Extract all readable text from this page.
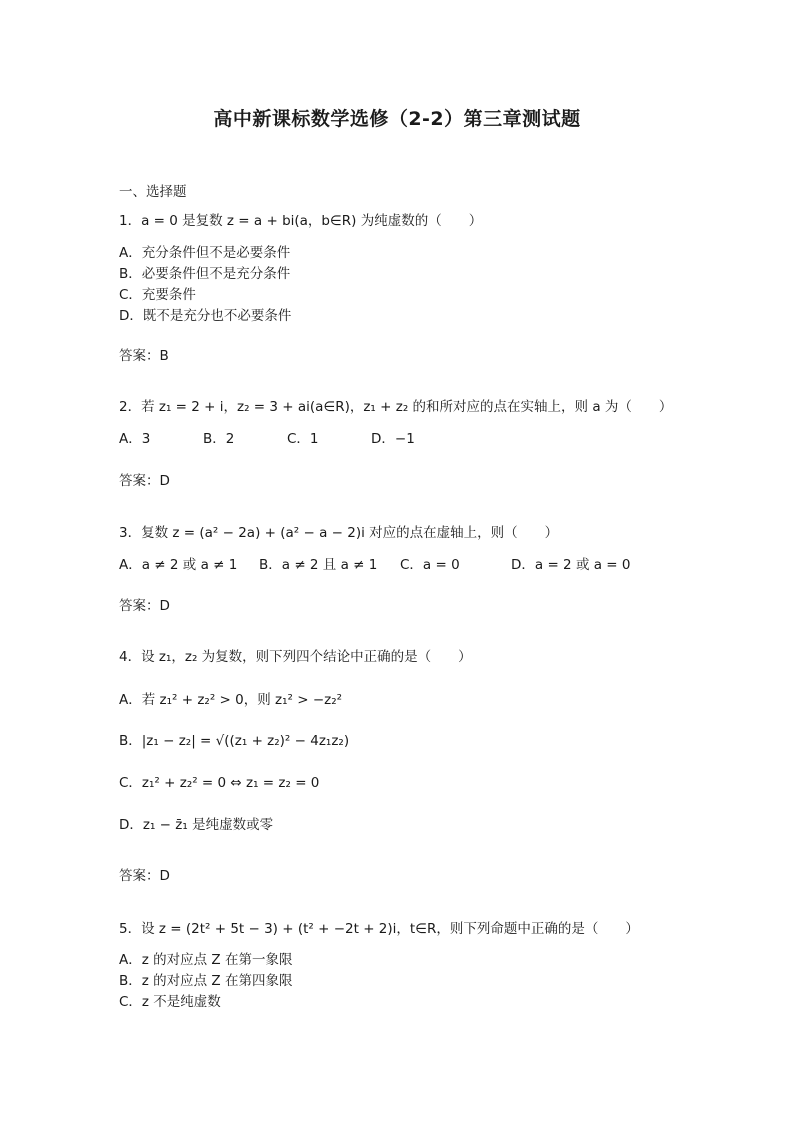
高中新课标数学选修（2-2）第三章测试题
一、选择题
1．a = 0 是复数 z = a + bi(a，b∈R) 为纯虚数的（　　）
A．充分条件但不是必要条件
B．必要条件但不是充分条件
C．充要条件
D．既不是充分也不必要条件
答案：B
2．若 z₁ = 2 + i，z₂ = 3 + ai(a∈R)，z₁ + z₂ 的和所对应的点在实轴上，则 a 为（　　）
A．3	B．2	C．1	D．−1
答案：D
3．复数 z = (a² − 2a) + (a² − a − 2)i 对应的点在虚轴上，则（　　）
A．a ≠ 2 或 a ≠ 1 B．a ≠ 2 且 a ≠ 1 C．a = 0	D．a = 2 或 a = 0
答案：D
4．设 z₁，z₂ 为复数，则下列四个结论中正确的是（　　）
A．若 z₁² + z₂² > 0，则 z₁² > −z₂²
B．|z₁ − z₂| = √((z₁ + z₂)² − 4z₁z₂)
C．z₁² + z₂² = 0 ⇔ z₁ = z₂ = 0
D．z₁ − z̄₁ 是纯虚数或零
答案：D
5．设 z = (2t² + 5t − 3) + (t² + −2t + 2)i，t∈R，则下列命题中正确的是（　　）
A．z 的对应点 Z 在第一象限
B．z 的对应点 Z 在第四象限
C．z 不是纯虚数
